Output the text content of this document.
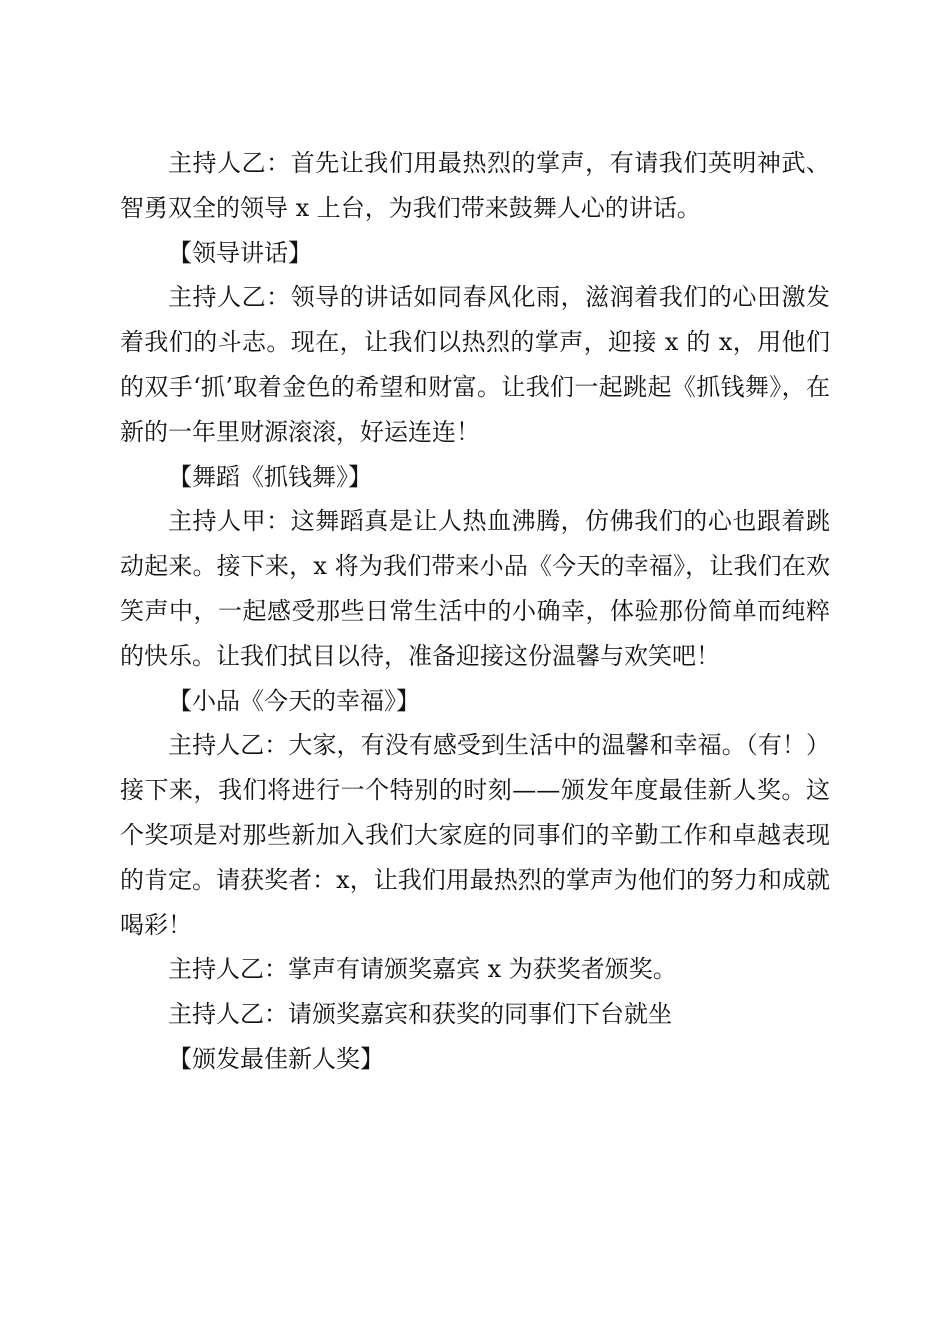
主持人乙：首先让我们用最热烈的掌声，有请我们英明神武、智勇双全的领导 x 上台，为我们带来鼓舞人心的讲话。

【领导讲话】

主持人乙：领导的讲话如同春风化雨，滋润着我们的心田激发着我们的斗志。现在，让我们以热烈的掌声，迎接 x 的 x，用他们的双手‘抓’取着金色的希望和财富。让我们一起跳起《抓钱舞》，在新的一年里财源滚滚，好运连连！

【舞蹈《抓钱舞》】

主持人甲：这舞蹈真是让人热血沸腾，仿佛我们的心也跟着跳动起来。接下来，x 将为我们带来小品《今天的幸福》，让我们在欢笑声中，一起感受那些日常生活中的小确幸，体验那份简单而纯粹的快乐。让我们拭目以待，准备迎接这份温馨与欢笑吧！

【小品《今天的幸福》】

主持人乙：大家，有没有感受到生活中的温馨和幸福。（有！）接下来，我们将进行一个特别的时刻——颁发年度最佳新人奖。这个奖项是对那些新加入我们大家庭的同事们的辛勤工作和卓越表现的肯定。请获奖者：x，让我们用最热烈的掌声为他们的努力和成就喝彩！

主持人乙：掌声有请颁奖嘉宾 x 为获奖者颁奖。

主持人乙：请颁奖嘉宾和获奖的同事们下台就坐

【颁发最佳新人奖】
